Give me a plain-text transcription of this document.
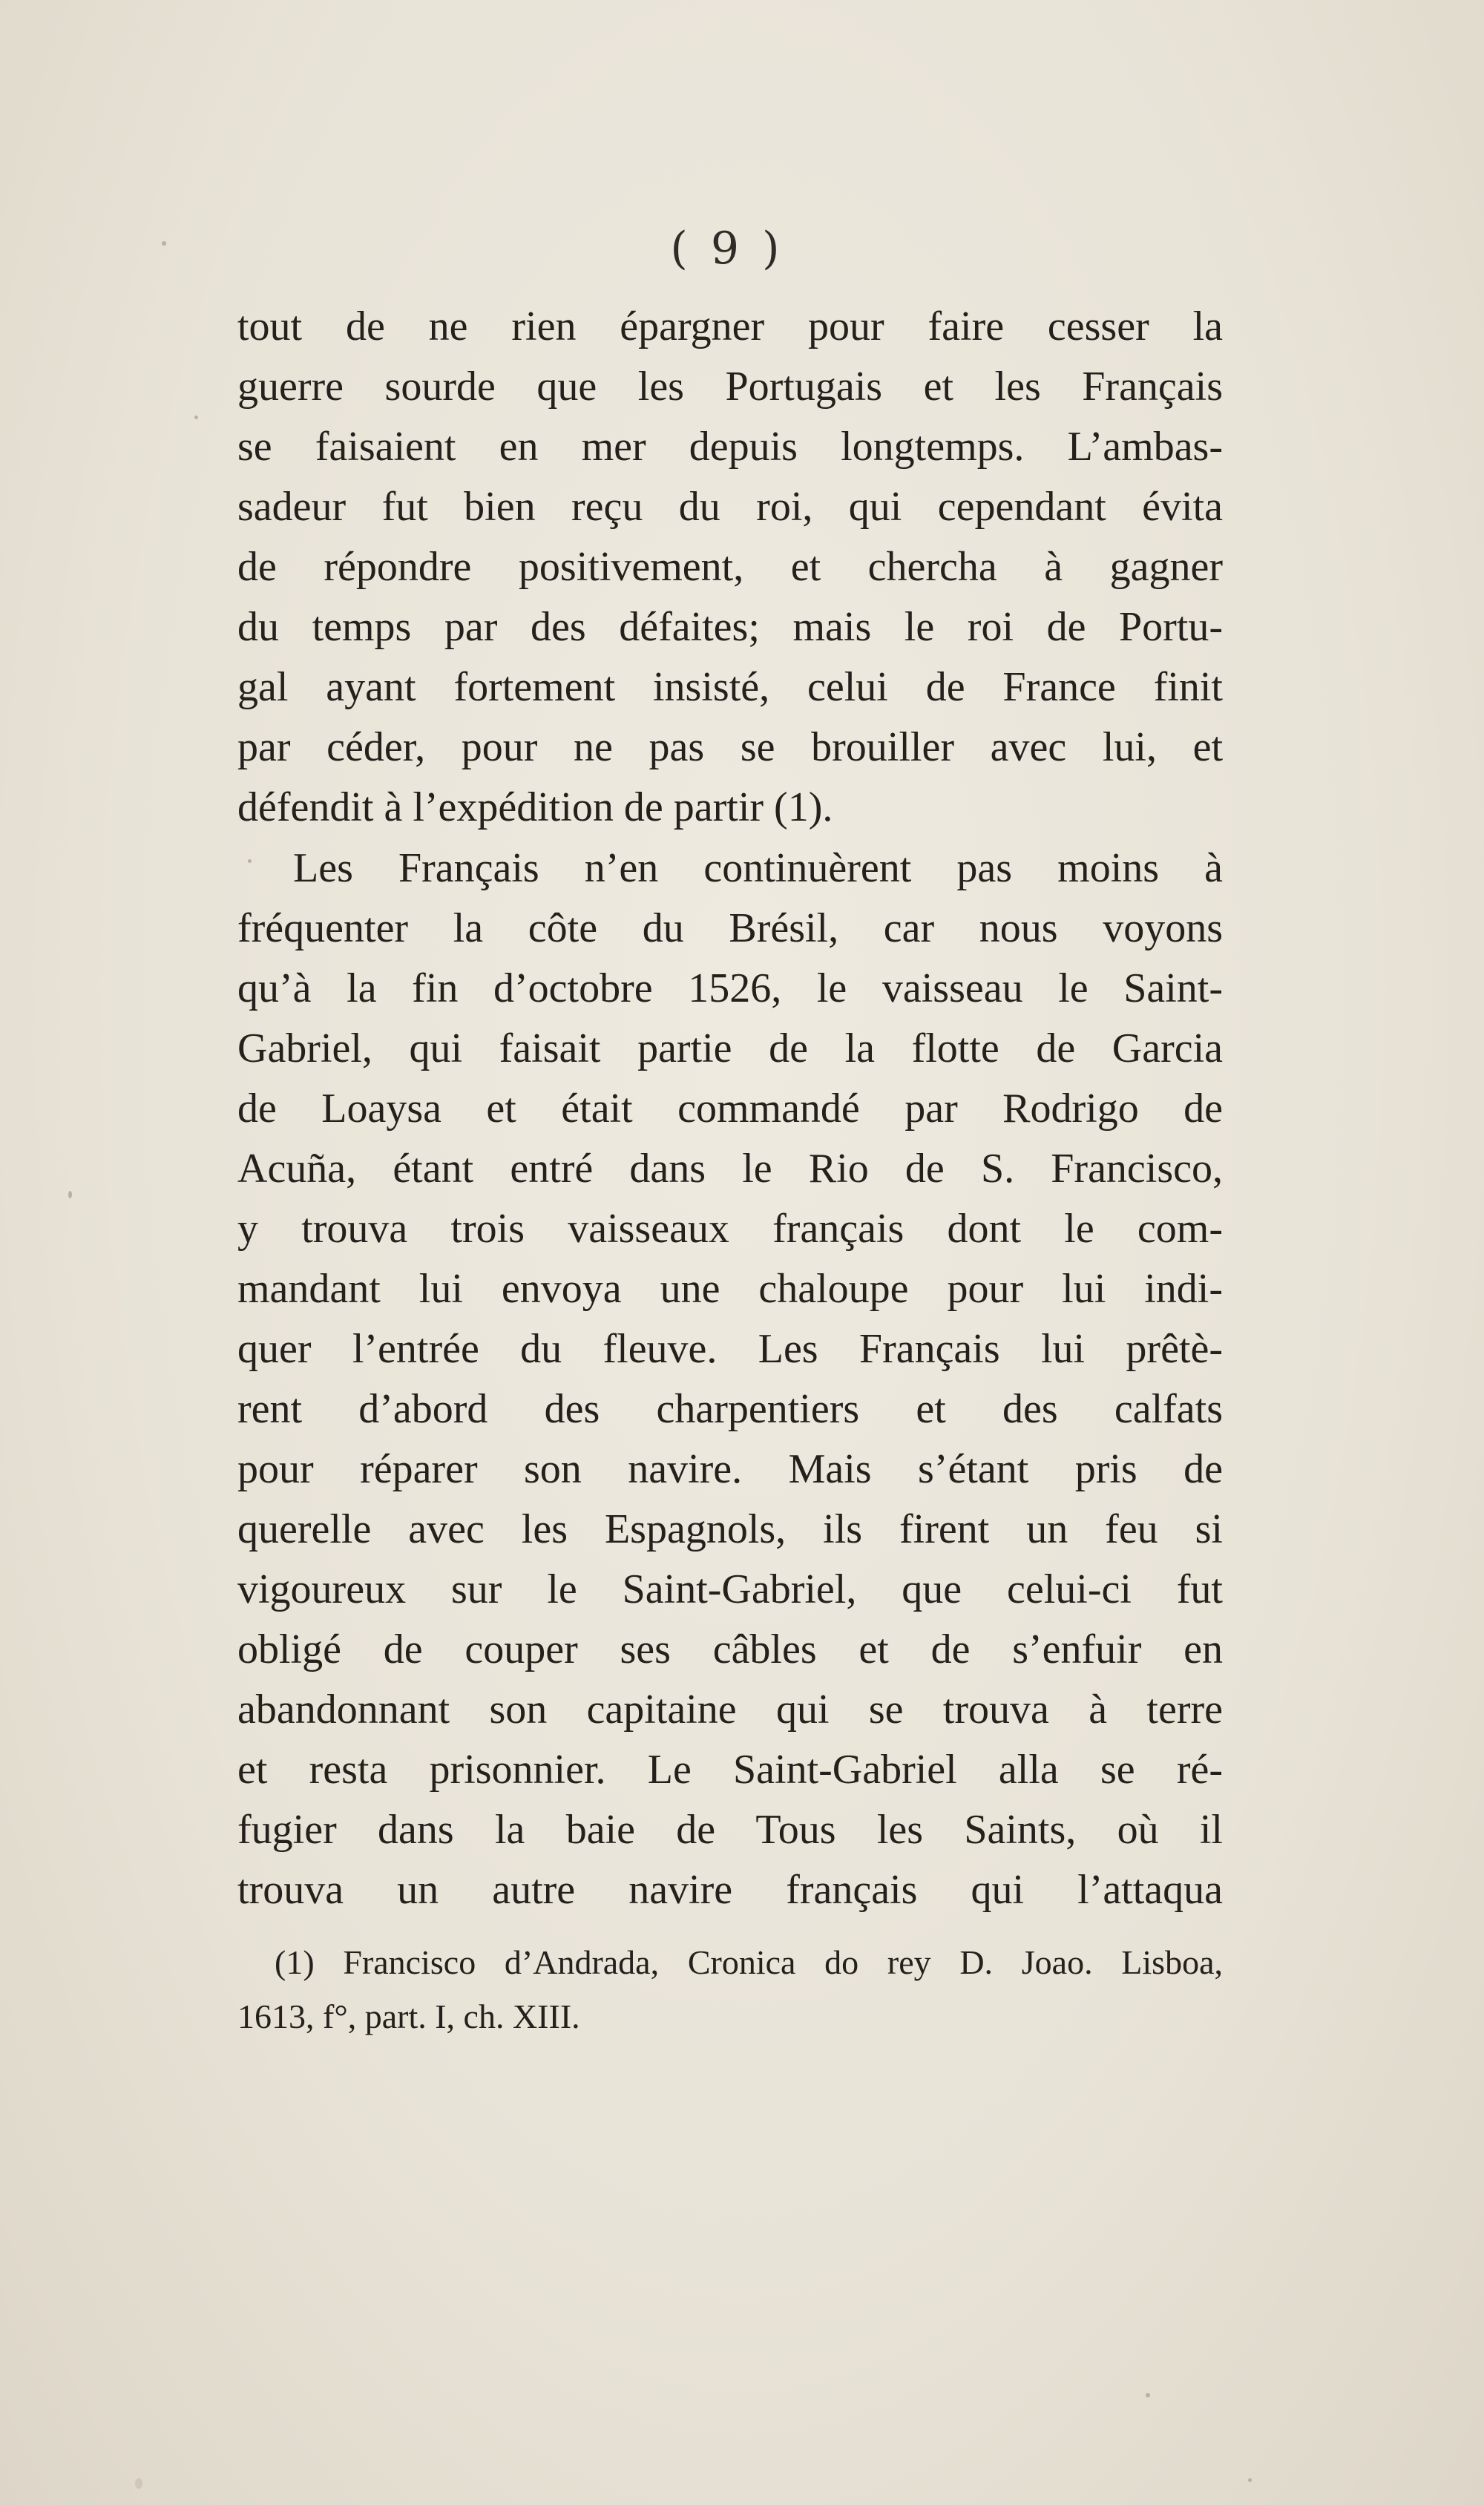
( 9 )
tout de ne rien épargner pour faire cesser la
guerre sourde que les Portugais et les Français
se faisaient en mer depuis longtemps. L’ambas-
sadeur fut bien reçu du roi, qui cependant évita
de répondre positivement, et chercha à gagner
du temps par des défaites; mais le roi de Portu-
gal ayant fortement insisté, celui de France finit
par céder, pour ne pas se brouiller avec lui, et
défendit à l’expédition de partir (1).
Les Français n’en continuèrent pas moins à
fréquenter la côte du Brésil, car nous voyons
qu’à la fin d’octobre 1526, le vaisseau le Saint-
Gabriel, qui faisait partie de la flotte de Garcia
de Loaysa et était commandé par Rodrigo de
Acuña, étant entré dans le Rio de S. Francisco,
y trouva trois vaisseaux français dont le com-
mandant lui envoya une chaloupe pour lui indi-
quer l’entrée du fleuve. Les Français lui prêtè-
rent d’abord des charpentiers et des calfats
pour réparer son navire. Mais s’étant pris de
querelle avec les Espagnols, ils firent un feu si
vigoureux sur le Saint-Gabriel, que celui-ci fut
obligé de couper ses câbles et de s’enfuir en
abandonnant son capitaine qui se trouva à terre
et resta prisonnier. Le Saint-Gabriel alla se ré-
fugier dans la baie de Tous les Saints, où il
trouva un autre navire français qui l’attaqua
(1) Francisco d’Andrada, Cronica do rey D. Joao. Lisboa,
1613, f°, part. I, ch. XIII.
